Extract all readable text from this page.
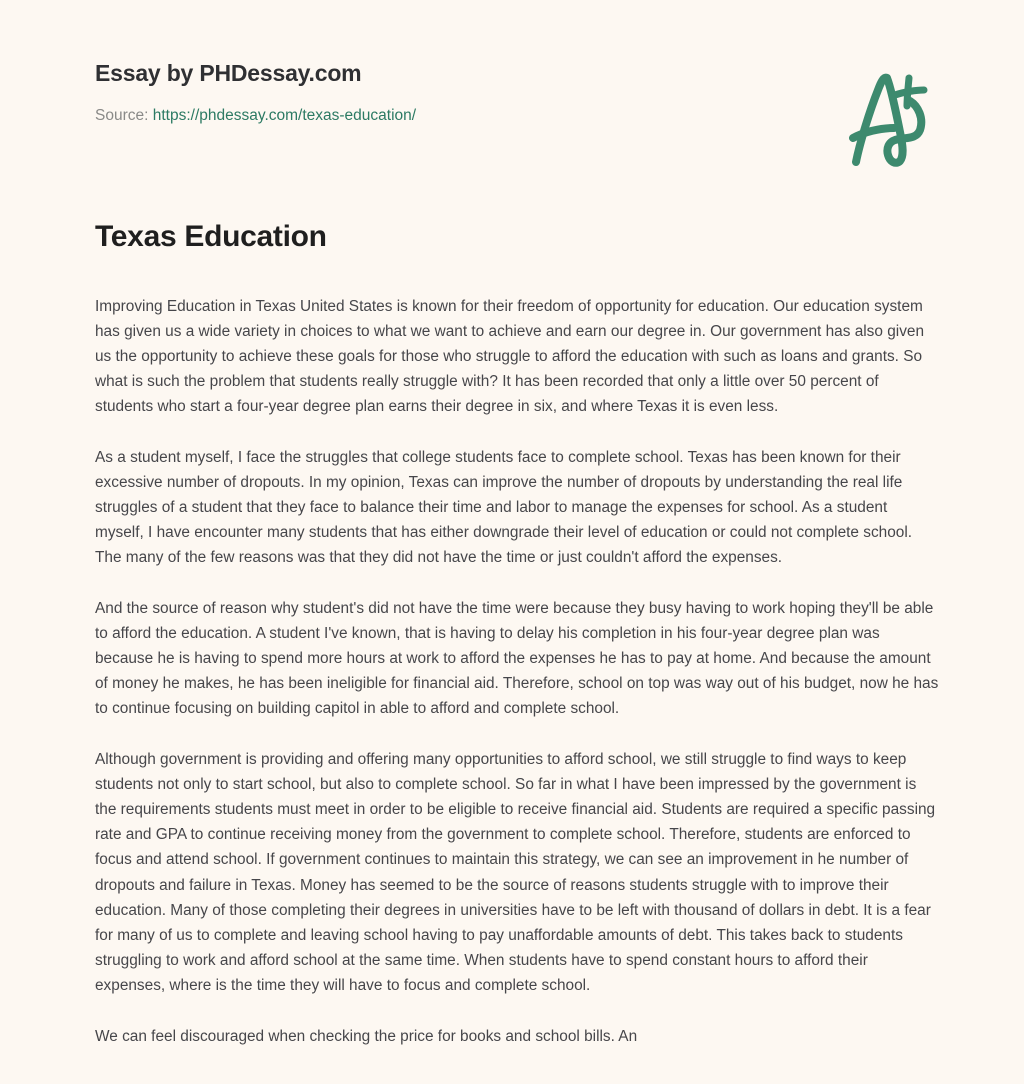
Essay by PHDessay.com
Source: https://phdessay.com/texas-education/
Texas Education

Improving Education in Texas United States is known for their freedom of opportunity for education. Our education system has given us a wide variety in choices to what we want to achieve and earn our degree in. Our government has also given us the opportunity to achieve these goals for those who struggle to afford the education with such as loans and grants. So what is such the problem that students really struggle with? It has been recorded that only a little over 50 percent of students who start a four-year degree plan earns their degree in six, and where Texas it is even less.

As a student myself, I face the struggles that college students face to complete school. Texas has been known for their excessive number of dropouts. In my opinion, Texas can improve the number of dropouts by understanding the real life struggles of a student that they face to balance their time and labor to manage the expenses for school. As a student myself, I have encounter many students that has either downgrade their level of education or could not complete school. The many of the few reasons was that they did not have the time or just couldn't afford the expenses.

And the source of reason why student's did not have the time were because they busy having to work hoping they'll be able to afford the education. A student I've known, that is having to delay his completion in his four-year degree plan was because he is having to spend more hours at work to afford the expenses he has to pay at home. And because the amount of money he makes, he has been ineligible for financial aid. Therefore, school on top was way out of his budget, now he has to continue focusing on building capitol in able to afford and complete school.

Although government is providing and offering many opportunities to afford school, we still struggle to find ways to keep students not only to start school, but also to complete school. So far in what I have been impressed by the government is the requirements students must meet in order to be eligible to receive financial aid. Students are required a specific passing rate and GPA to continue receiving money from the government to complete school. Therefore, students are enforced to focus and attend school. If government continues to maintain this strategy, we can see an improvement in he number of dropouts and failure in Texas. Money has seemed to be the source of reasons students struggle with to improve their education. Many of those completing their degrees in universities have to be left with thousand of dollars in debt. It is a fear for many of us to complete and leaving school having to pay unaffordable amounts of debt. This takes back to students struggling to work and afford school at the same time. When students have to spend constant hours to afford their expenses, where is the time they will have to focus and complete school.

We can feel discouraged when checking the price for books and school bills. An
